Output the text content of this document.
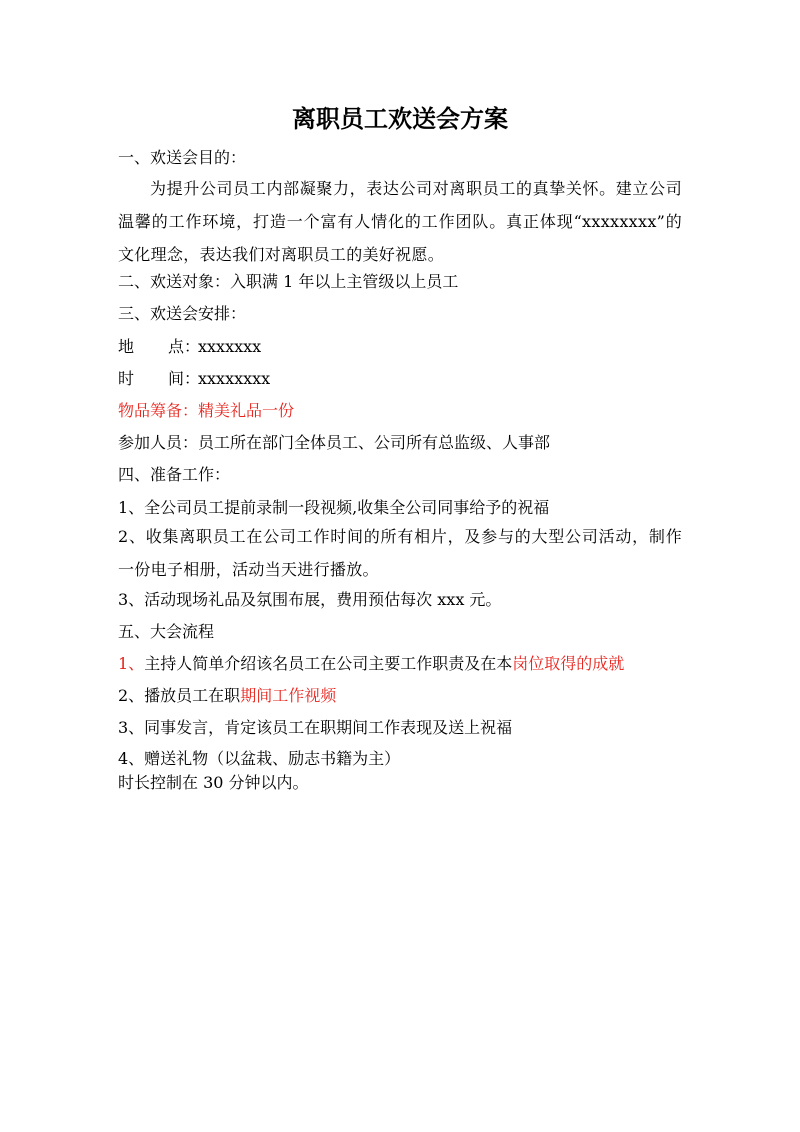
离职员工欢送会方案
一、欢送会目的：
为提升公司员工内部凝聚力，表达公司对离职员工的真挚关怀。建立公司温馨的工作环境，打造一个富有人情化的工作团队。真正体现“xxxxxxxx”的文化理念，表达我们对离职员工的美好祝愿。
二、欢送对象：入职满 1 年以上主管级以上员工
三、欢送会安排：
地 点：xxxxxxx
时 间：xxxxxxxx
物品筹备：精美礼品一份
参加人员：员工所在部门全体员工、公司所有总监级、人事部
四、准备工作：
1、全公司员工提前录制一段视频,收集全公司同事给予的祝福
2、收集离职员工在公司工作时间的所有相片，及参与的大型公司活动，制作一份电子相册，活动当天进行播放。
3、活动现场礼品及氛围布展，费用预估每次 xxx 元。
五、大会流程
1、主持人简单介绍该名员工在公司主要工作职责及在本岗位取得的成就
2、播放员工在职期间工作视频
3、同事发言，肯定该员工在职期间工作表现及送上祝福
4、赠送礼物（以盆栽、励志书籍为主）
时长控制在 30 分钟以内。
